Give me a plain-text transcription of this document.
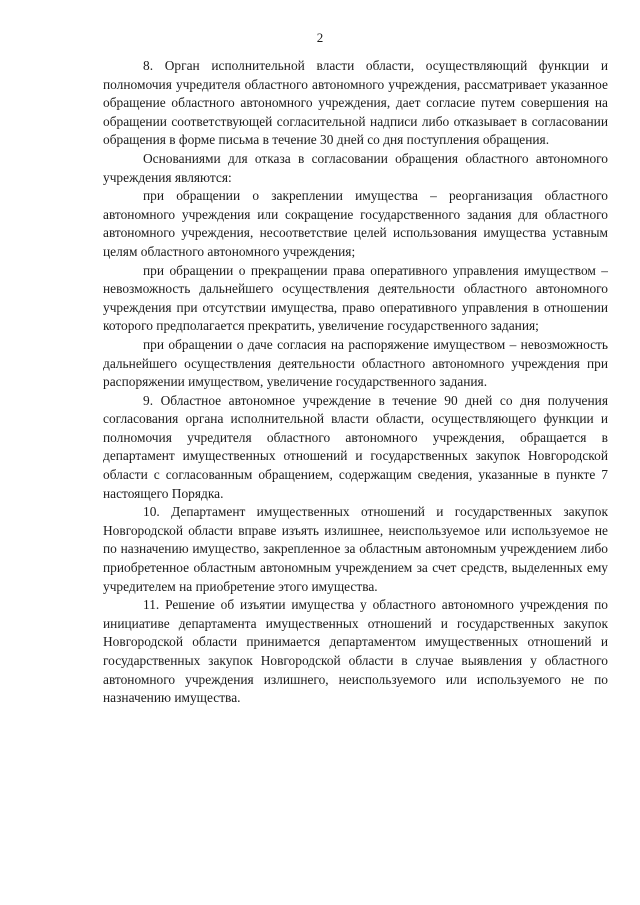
2

8. Орган исполнительной власти области, осуществляющий функции и полномочия учредителя областного автономного учреждения, рассматривает указанное обращение областного автономного учреждения, дает согласие путем совершения на обращении соответствующей согласительной надписи либо отказывает в согласовании обращения в форме письма в течение 30 дней со дня поступления обращения.

Основаниями для отказа в согласовании обращения областного автономного учреждения являются:

при обращении о закреплении имущества – реорганизация областного автономного учреждения или сокращение государственного задания для областного автономного учреждения, несоответствие целей использования имущества уставным целям областного автономного учреждения;

при обращении о прекращении права оперативного управления имуществом – невозможность дальнейшего осуществления деятельности областного автономного учреждения при отсутствии имущества, право оперативного управления в отношении которого предполагается прекратить, увеличение государственного задания;

при обращении о даче согласия на распоряжение имуществом – невозможность дальнейшего осуществления деятельности областного автономного учреждения при распоряжении имуществом, увеличение государственного задания.

9. Областное автономное учреждение в течение 90 дней со дня получения согласования органа исполнительной власти области, осуществляющего функции и полномочия учредителя областного автономного учреждения, обращается в департамент имущественных отношений и государственных закупок Новгородской области с согласованным обращением, содержащим сведения, указанные в пункте 7 настоящего Порядка.

10. Департамент имущественных отношений и государственных закупок Новгородской области вправе изъять излишнее, неиспользуемое или используемое не по назначению имущество, закрепленное за областным автономным учреждением либо приобретенное областным автономным учреждением за счет средств, выделенных ему учредителем на приобретение этого имущества.

11. Решение об изъятии имущества у областного автономного учреждения по инициативе департамента имущественных отношений и государственных закупок Новгородской области принимается департаментом имущественных отношений и государственных закупок Новгородской области в случае выявления у областного автономного учреждения излишнего, неиспользуемого или используемого не по назначению имущества.
